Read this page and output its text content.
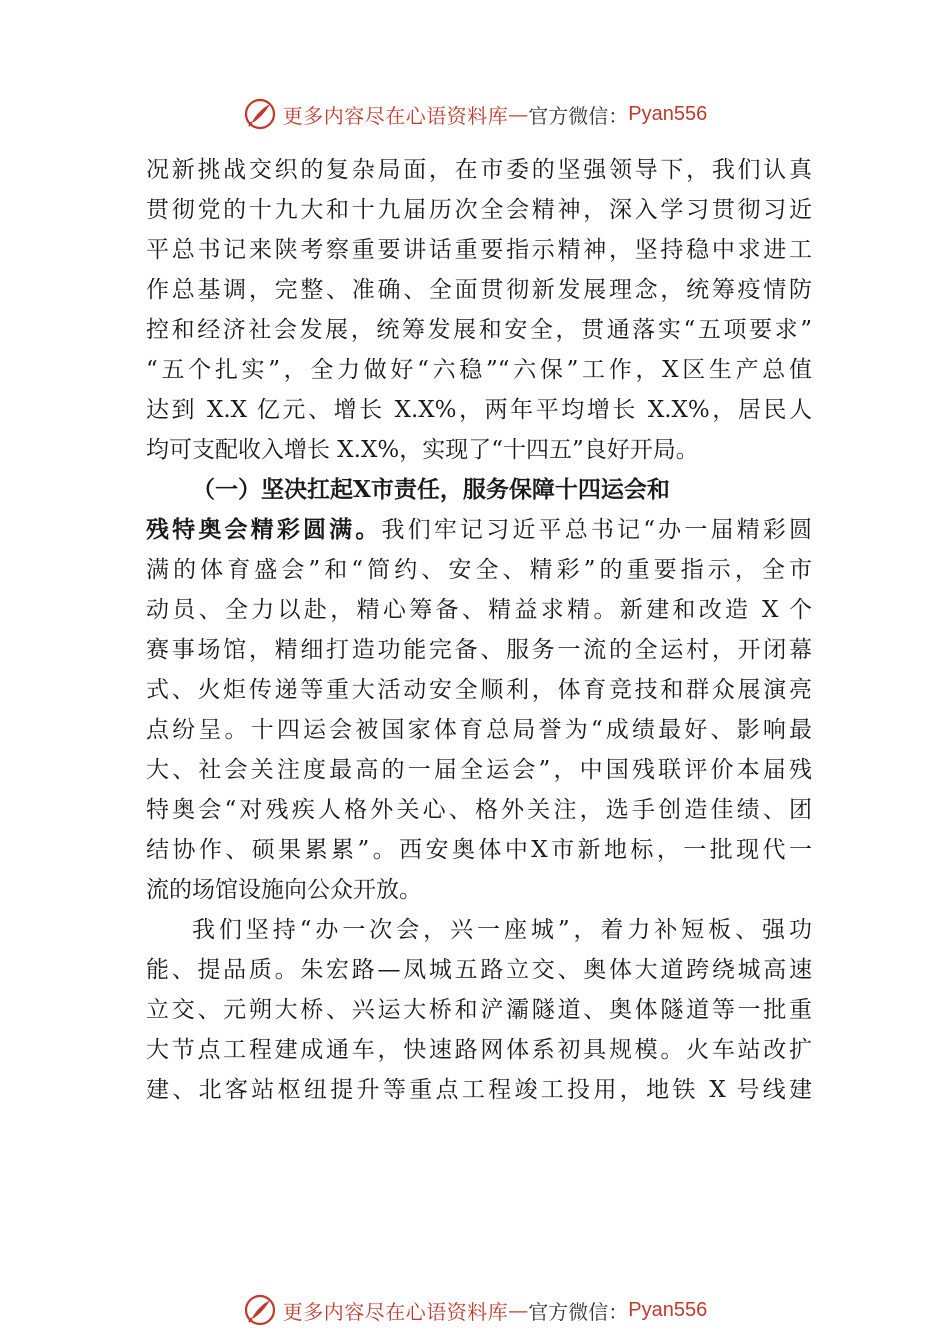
更多内容尽在心语资料库 — 官方微信： Pyan556
况新挑战交织的复杂局面，在市委的坚强领导下，我们认真
贯彻党的十九大和十九届历次全会精神，深入学习贯彻习近
平总书记来陕考察重要讲话重要指示精神，坚持稳中求进工
作总基调，完整、准确、全面贯彻新发展理念，统筹疫情防
控和经济社会发展，统筹发展和安全，贯通落实“五项要求”
“五个扎实”，全力做好“六稳”“六保”工作，X区生产总值
达到 X.X 亿元、增长 X.X%，两年平均增长 X.X%，居民人
均可支配收入增长 X.X%，实现了“十四五”良好开局。
（一）坚决扛起X市责任，服务保障十四运会和
残特奥会精彩圆满。我们牢记习近平总书记“办一届精彩圆
满的体育盛会”和“简约、安全、精彩”的重要指示，全市
动员、全力以赴，精心筹备、精益求精。新建和改造 X 个
赛事场馆，精细打造功能完备、服务一流的全运村，开闭幕
式、火炬传递等重大活动安全顺利，体育竞技和群众展演亮
点纷呈。十四运会被国家体育总局誉为“成绩最好、影响最
大、社会关注度最高的一届全运会”，中国残联评价本届残
特奥会“对残疾人格外关心、格外关注，选手创造佳绩、团
结协作、硕果累累”。西安奥体中X市新地标，一批现代一
流的场馆设施向公众开放。
我们坚持“办一次会，兴一座城”，着力补短板、强功
能、提品质。朱宏路—凤城五路立交、奥体大道跨绕城高速
立交、元朔大桥、兴运大桥和浐灞隧道、奥体隧道等一批重
大节点工程建成通车，快速路网体系初具规模。火车站改扩
建、北客站枢纽提升等重点工程竣工投用，地铁 X 号线建
更多内容尽在心语资料库 — 官方微信： Pyan556
